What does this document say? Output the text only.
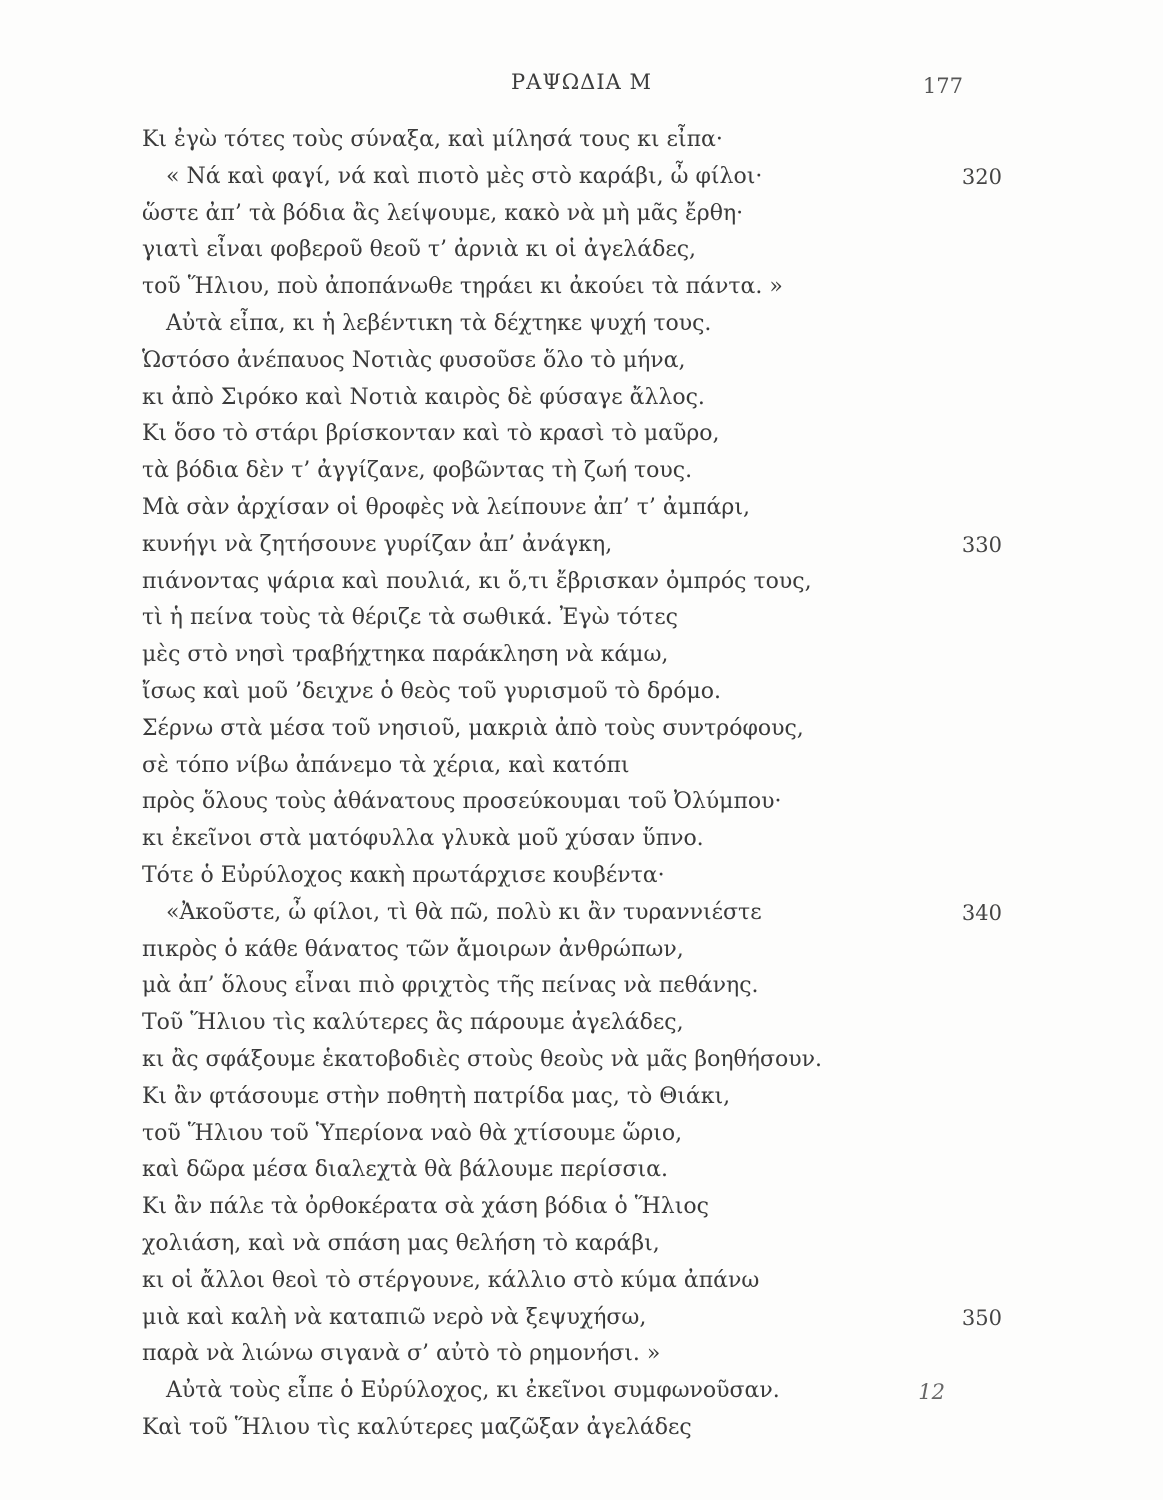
ΡΑΨΩΔΙΑ Μ	177
Κι ἐγὼ τότες τοὺς σύναξα, καὶ μίλησά τους κι εἶπα·
« Νά καὶ φαγί, νά καὶ πιοτὸ μὲς στὸ καράβι, ὦ φίλοι·	320
ὥστε ἀπ’ τὰ βόδια ἂς λείψουμε, κακὸ νὰ μὴ μᾶς ἔρθη·
γιατὶ εἶναι φοβεροῦ θεοῦ τ’ ἀρνιὰ κι οἱ ἀγελάδες,
τοῦ Ἥλιου, ποὺ ἀποπάνωθε τηράει κι ἀκούει τὰ πάντα. »
Αὐτὰ εἶπα, κι ἡ λεβέντικη τὰ δέχτηκε ψυχή τους.
Ὡστόσο ἀνέπαυος Νοτιὰς φυσοῦσε ὅλο τὸ μήνα,
κι ἀπὸ Σιρόκο καὶ Νοτιὰ καιρὸς δὲ φύσαγε ἄλλος.
Κι ὅσο τὸ στάρι βρίσκονταν καὶ τὸ κρασὶ τὸ μαῦρο,
τὰ βόδια δὲν τ’ ἀγγίζανε, φοβῶντας τὴ ζωή τους.
Μὰ σὰν ἀρχίσαν οἱ θροφὲς νὰ λείπουνε ἀπ’ τ’ ἀμπάρι,
κυνήγι νὰ ζητήσουνε γυρίζαν ἀπ’ ἀνάγκη,	330
πιάνοντας ψάρια καὶ πουλιά, κι ὅ,τι ἔβρισκαν ὀμπρός τους,
τὶ ἡ πείνα τοὺς τὰ θέριζε τὰ σωθικά. Ἐγὼ τότες
μὲς στὸ νησὶ τραβήχτηκα παράκληση νὰ κάμω,
ἴσως καὶ μοῦ ’δειχνε ὁ θεὸς τοῦ γυρισμοῦ τὸ δρόμο.
Σέρνω στὰ μέσα τοῦ νησιοῦ, μακριὰ ἀπὸ τοὺς συντρόφους,
σὲ τόπο νίβω ἀπάνεμο τὰ χέρια, καὶ κατόπι
πρὸς ὅλους τοὺς ἀθάνατους προσεύκουμαι τοῦ Ὀλύμπου·
κι ἐκεῖνοι στὰ ματόφυλλα γλυκὰ μοῦ χύσαν ὕπνο.
Τότε ὁ Εὐρύλοχος κακὴ πρωτάρχισε κουβέντα·
«Ἀκοῦστε, ὦ φίλοι, τὶ θὰ πῶ, πολὺ κι ἂν τυραννιέστε	340
πικρὸς ὁ κάθε θάνατος τῶν ἄμοιρων ἀνθρώπων,
μὰ ἀπ’ ὅλους εἶναι πιὸ φριχτὸς τῆς πείνας νὰ πεθάνης.
Τοῦ Ἥλιου τὶς καλύτερες ἂς πάρουμε ἀγελάδες,
κι ἂς σφάξουμε ἑκατοβοδιὲς στοὺς θεοὺς νὰ μᾶς βοηθήσουν.
Κι ἂν φτάσουμε στὴν ποθητὴ πατρίδα μας, τὸ Θιάκι,
τοῦ Ἥλιου τοῦ Ὑπερίονα ναὸ θὰ χτίσουμε ὥριο,
καὶ δῶρα μέσα διαλεχτὰ θὰ βάλουμε περίσσια.
Κι ἂν πάλε τὰ ὀρθοκέρατα σὰ χάση βόδια ὁ Ἥλιος
χολιάση, καὶ νὰ σπάση μας θελήση τὸ καράβι,
κι οἱ ἄλλοι θεοὶ τὸ στέργουνε, κάλλιο στὸ κύμα ἀπάνω
μιὰ καὶ καλὴ νὰ καταπιῶ νερὸ νὰ ξεψυχήσω,	350
παρὰ νὰ λιώνω σιγανὰ σ’ αὐτὸ τὸ ρημονήσι. »
Αὐτὰ τοὺς εἶπε ὁ Εὐρύλοχος, κι ἐκεῖνοι συμφωνοῦσαν.
Καὶ τοῦ Ἥλιου τὶς καλύτερες μαζῶξαν ἀγελάδες
12
